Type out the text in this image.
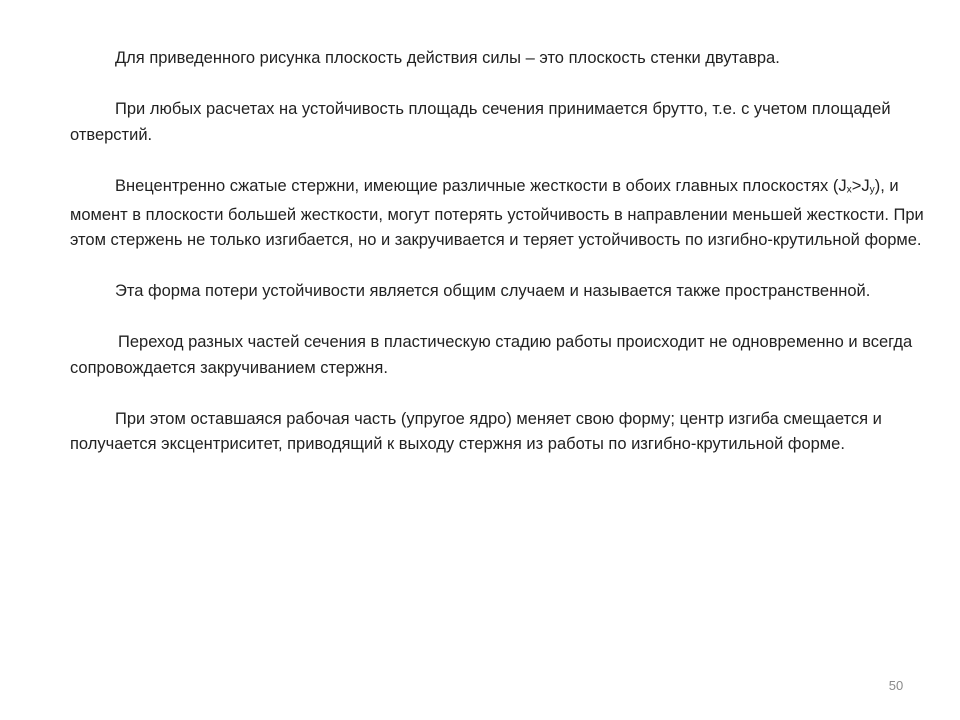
Для приведенного рисунка плоскость действия силы – это плоскость стенки двутавра.

При любых расчетах на устойчивость площадь сечения принимается брутто, т.е. с учетом площадей отверстий.

Внецентренно сжатые стержни, имеющие различные жесткости в обоих главных плоскостях (Jx>Jy), и момент в плоскости большей жесткости, могут потерять устойчивость в направлении меньшей жесткости. При этом стержень не только изгибается, но и закручивается и теряет устойчивость по изгибно-крутильной форме.

Эта форма потери устойчивости является общим случаем и называется также пространственной.

Переход разных частей сечения в пластическую стадию работы происходит не одновременно и всегда сопровождается закручиванием стержня.

При этом оставшаяся рабочая часть (упругое ядро) меняет свою форму; центр изгиба смещается и получается эксцентриситет, приводящий к выходу стержня из работы по изгибно-крутильной форме.

50
